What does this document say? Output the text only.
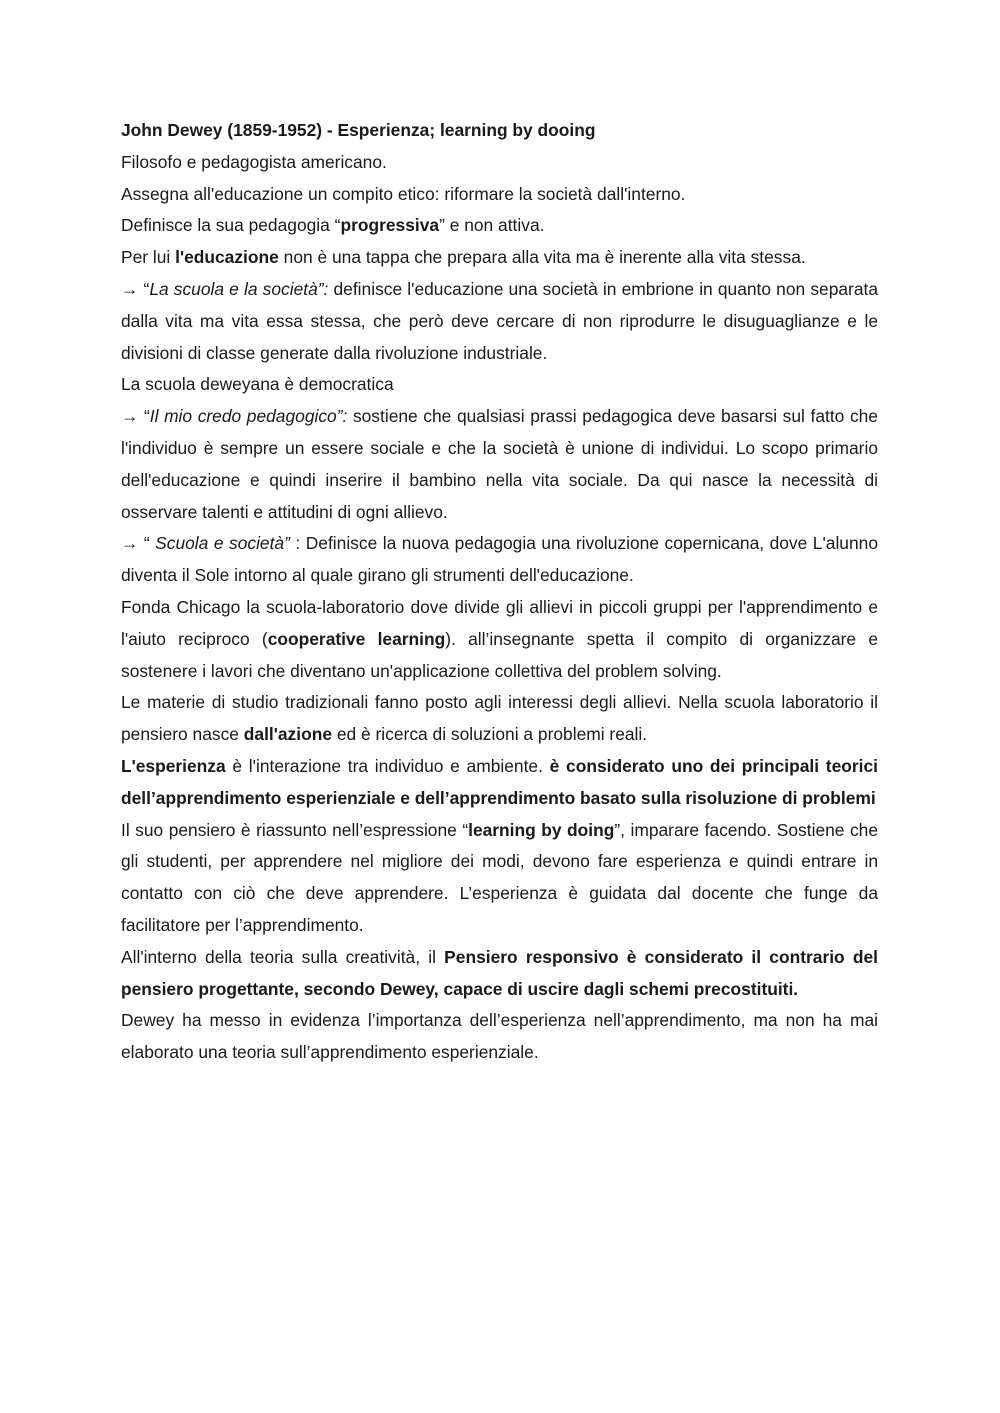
John Dewey (1859-1952) - Esperienza; learning by dooing
Filosofo e pedagogista americano.
Assegna all'educazione un compito etico: riformare la società dall'interno.
Definisce la sua pedagogia “progressiva” e non attiva.
Per lui l'educazione non è una tappa che prepara alla vita ma è inerente alla vita stessa.
→ “La scuola e la società”: definisce l'educazione una società in embrione in quanto non separata dalla vita ma vita essa stessa, che però deve cercare di non riprodurre le disuguaglianze e le divisioni di classe generate dalla rivoluzione industriale.
La scuola deweyana è democratica
→ “Il mio credo pedagogico”: sostiene che qualsiasi prassi pedagogica deve basarsi sul fatto che l'individuo è sempre un essere sociale e che la società è unione di individui. Lo scopo primario dell'educazione e quindi inserire il bambino nella vita sociale. Da qui nasce la necessità di osservare talenti e attitudini di ogni allievo.
→ “ Scuola e società” : Definisce la nuova pedagogia una rivoluzione copernicana, dove L'alunno diventa il Sole intorno al quale girano gli strumenti dell'educazione.
Fonda Chicago la scuola-laboratorio dove divide gli allievi in piccoli gruppi per l'apprendimento e l'aiuto reciproco (cooperative learning). all’insegnante spetta il compito di organizzare e sostenere i lavori che diventano un'applicazione collettiva del problem solving.
Le materie di studio tradizionali fanno posto agli interessi degli allievi. Nella scuola laboratorio il pensiero nasce dall'azione ed è ricerca di soluzioni a problemi reali.
L'esperienza è l'interazione tra individuo e ambiente. è considerato uno dei principali teorici dell’apprendimento esperienziale e dell’apprendimento basato sulla risoluzione di problemi
Il suo pensiero è riassunto nell’espressione “learning by doing”, imparare facendo. Sostiene che gli studenti, per apprendere nel migliore dei modi, devono fare esperienza e quindi entrare in contatto con ciò che deve apprendere. L’esperienza è guidata dal docente che funge da facilitatore per l’apprendimento.
All'interno della teoria sulla creatività, il Pensiero responsivo è considerato il contrario del pensiero progettante, secondo Dewey, capace di uscire dagli schemi precostituiti.
Dewey ha messo in evidenza l’importanza dell’esperienza nell’apprendimento, ma non ha mai elaborato una teoria sull’apprendimento esperienziale.
